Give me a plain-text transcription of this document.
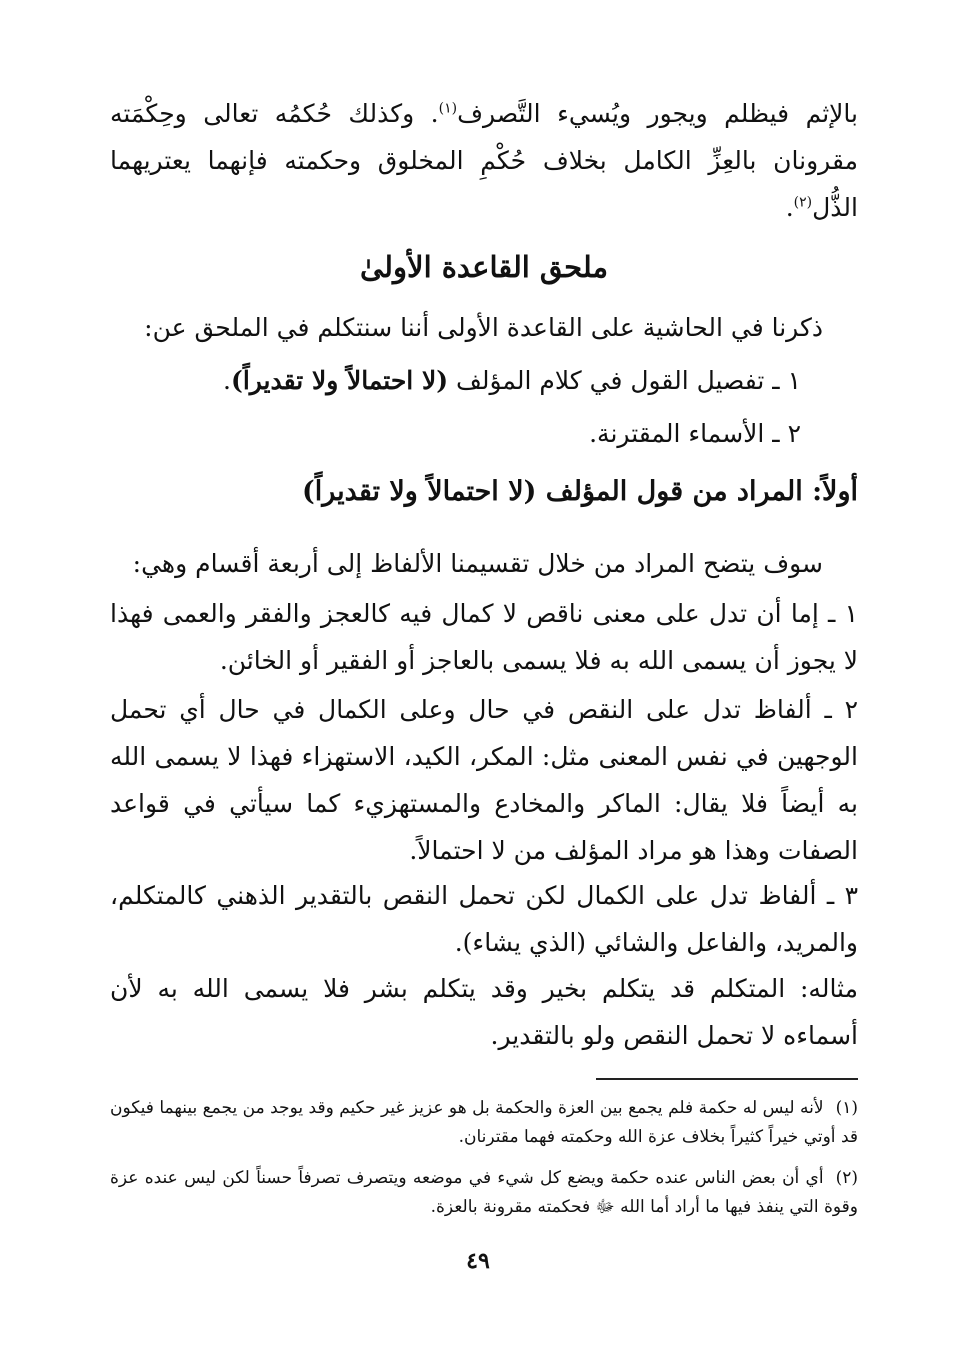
بالإثم فيظلم ويجور ويُسيء التَّصرف$^{(١)}$. وكذلك حُكمُه تعالى وحِكْمَته مقرونان بالعِزِّ الكامل بخلاف حُكْمِ المخلوق وحكمته فإنهما يعتريهما الذُّل$^{(٢)}$.

ملحق القاعدة الأولىٰ

ذكرنا في الحاشية على القاعدة الأولى أننا سنتكلم في الملحق عن:

١ ـ تفصيل القول في كلام المؤلف (لا احتمالاً ولا تقديراً).
٢ ـ الأسماء المقترنة.
أولاً: المراد من قول المؤلف (لا احتمالاً ولا تقديراً)

سوف يتضح المراد من خلال تقسيمنا الألفاظ إلى أربعة أقسام وهي:

١ ـ إما أن تدل على معنى ناقص لا كمال فيه كالعجز والفقر والعمى فهذا لا يجوز أن يسمى الله به فلا يسمى بالعاجز أو الفقير أو الخائن.

٢ ـ ألفاظ تدل على النقص في حال وعلى الكمال في حال أي تحمل الوجهين في نفس المعنى مثل: المكر، الكيد، الاستهزاء فهذا لا يسمى الله به أيضاً فلا يقال: الماكر والمخادع والمستهزيء كما سيأتي في قواعد الصفات وهذا هو مراد المؤلف من لا احتمالاً.

٣ ـ ألفاظ تدل على الكمال لكن تحمل النقص بالتقدير الذهني كالمتكلم، والمريد، والفاعل والشائي (الذي يشاء).

مثاله: المتكلم قد يتكلم بخير وقد يتكلم بشر فلا يسمى الله به لأن أسماءه لا تحمل النقص ولو بالتقدير.

(١)لأنه ليس له حكمة فلم يجمع بين العزة والحكمة بل هو عزيز غير حكيم وقد يوجد من يجمع بينهما فيكون قد أوتي خيراً كثيراً بخلاف عزة الله وحكمته فهما مقترنان.

(٢)أي أن بعض الناس عنده حكمة ويضع كل شيء في موضعه ويتصرف تصرفاً حسناً لكن ليس عنده عزة وقوة التي ينفذ فيها ما أراد أما الله ﷻ فحكمته مقرونة بالعزة.

٤٩
